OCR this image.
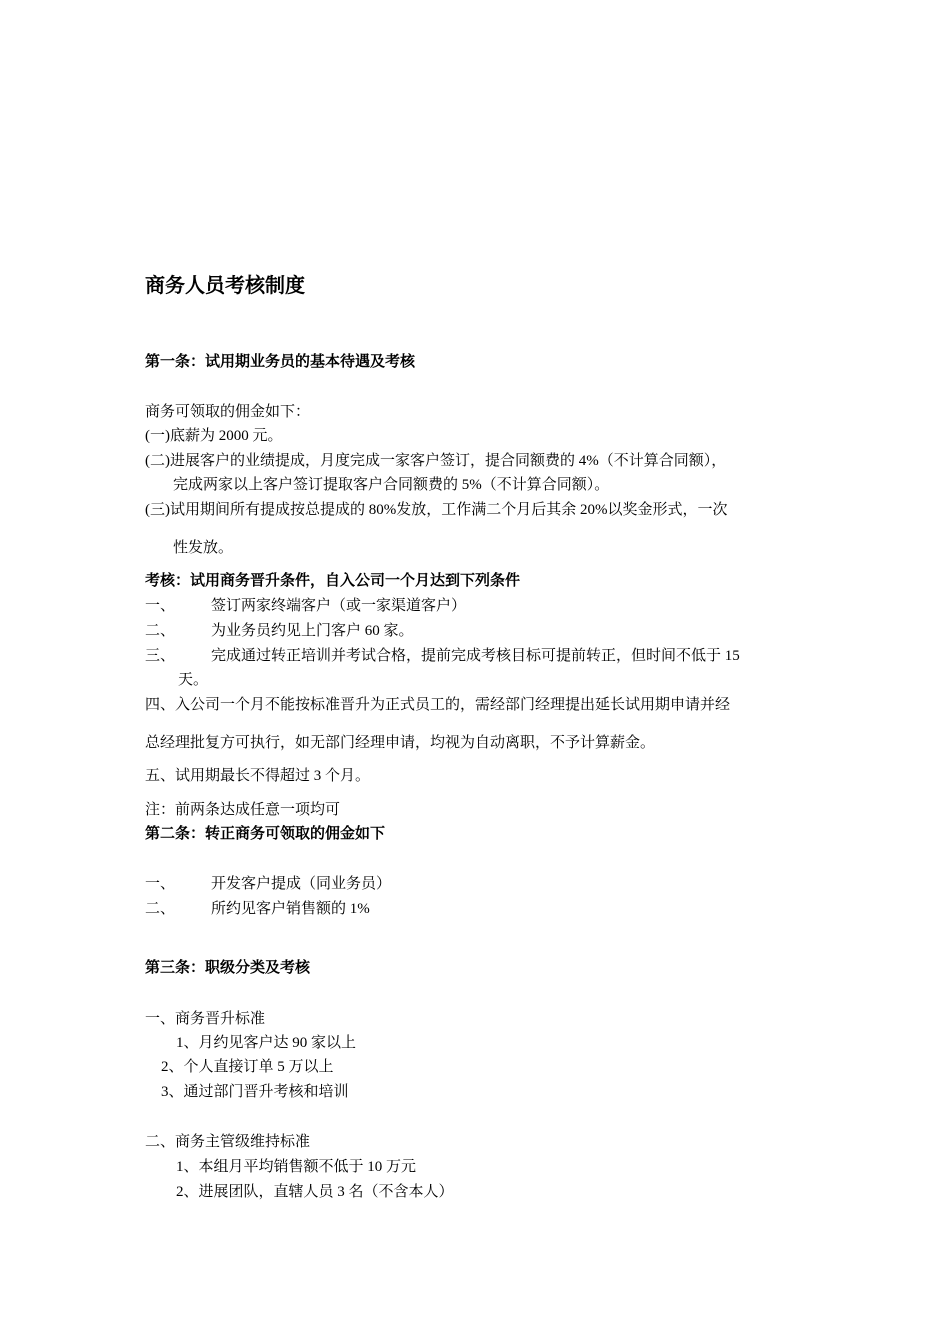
商务人员考核制度
第一条：试用期业务员的基本待遇及考核
商务可领取的佣金如下：
(一)底薪为 2000 元。
(二)进展客户的业绩提成，月度完成一家客户签订，提合同额费的 4%（不计算合同额），
完成两家以上客户签订提取客户合同额费的 5%（不计算合同额）。
(三)试用期间所有提成按总提成的 80%发放，工作满二个月后其余 20%以奖金形式，一次
性发放。
考核：试用商务晋升条件，自入公司一个月达到下列条件
一、 签订两家终端客户（或一家渠道客户）
二、 为业务员约见上门客户 60 家。
三、 完成通过转正培训并考试合格，提前完成考核目标可提前转正，但时间不低于 15
天。
四、入公司一个月不能按标准晋升为正式员工的，需经部门经理提出延长试用期申请并经
总经理批复方可执行，如无部门经理申请，均视为自动离职，不予计算薪金。
五、试用期最长不得超过 3 个月。
注：前两条达成任意一项均可
第二条：转正商务可领取的佣金如下
一、 开发客户提成（同业务员）
二、 所约见客户销售额的 1%
第三条：职级分类及考核
一、商务晋升标准
1、月约见客户达 90 家以上
2、个人直接订单 5 万以上
3、通过部门晋升考核和培训
二、商务主管级维持标准
1、本组月平均销售额不低于 10 万元
2、进展团队，直辖人员 3 名（不含本人）
